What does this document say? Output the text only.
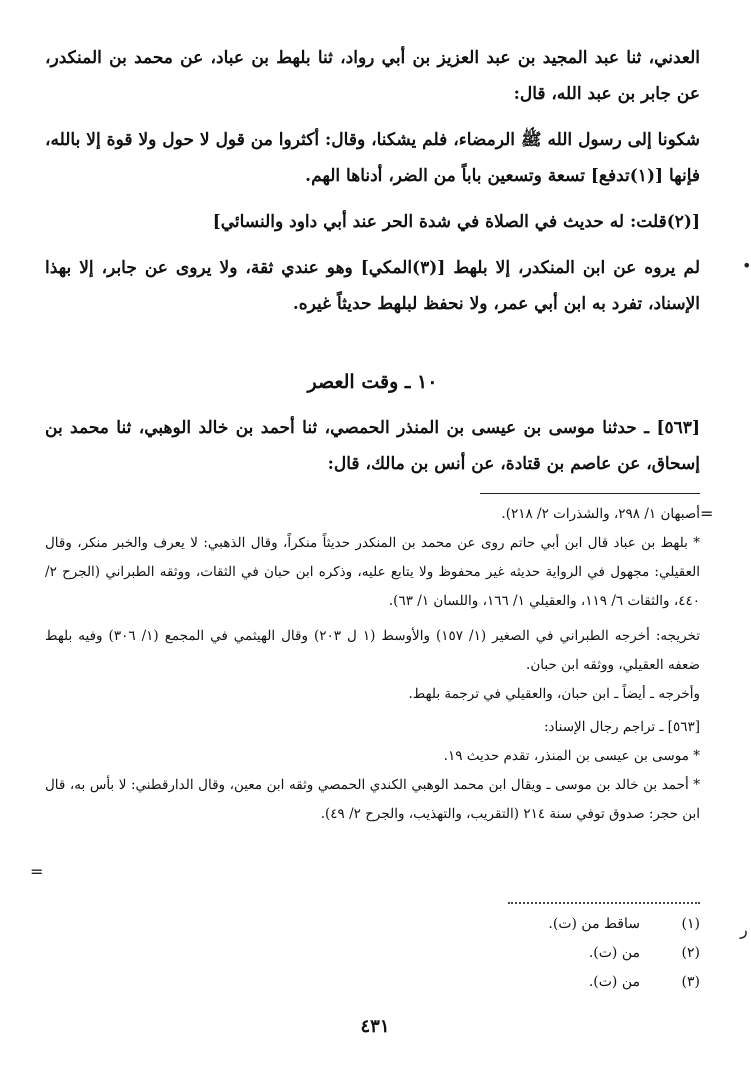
العدني، ثنا عبد المجيد بن عبد العزيز بن أبي رواد، ثنا بلهط بن عباد، عن محمد بن المنكدر، عن جابر بن عبد الله، قال:

شكونا إلى رسول الله ﷺ الرمضاء، فلم يشكنا، وقال: أكثروا من قول لا حول ولا قوة إلا بالله، فإنها [(١)تدفع] تسعة وتسعين باباً من الضر، أدناها الهم.

[(٢)قلت: له حديث في الصلاة في شدة الحر عند أبي داود والنسائي]

لم يروه عن ابن المنكدر، إلا بلهط [(٣)المكي] وهو عندي ثقة، ولا يروى عن جابر، إلا بهذا الإسناد، تفرد به ابن أبي عمر، ولا نحفظ لبلهط حديثاً غيره.

١٠ ـ وقت العصر

[٥٦٣] ـ حدثنا موسى بن عيسى بن المنذر الحمصي، ثنا أحمد بن خالد الوهبي، ثنا محمد بن إسحاق، عن عاصم بن قتادة، عن أنس بن مالك، قال:

أصبهان ١/ ٢٩٨، والشذرات ٢/ ٢١٨).

* بلهط بن عباد قال ابن أبي حاتم روى عن محمد بن المنكدر حديثاً منكراً، وقال الذهبي: لا يعرف والخبر منكر، وقال العقيلي: مجهول في الرواية حديثه غير محفوظ ولا يتابع عليه، وذكره ابن حبان في الثقات، ووثقه الطبراني (الجرح ٢/ ٤٤٠، والثقات ٦/ ١١٩، والعقيلي ١/ ١٦٦، واللسان ١/ ٦٣).

تخريجه: أخرجه الطبراني في الصغير (١/ ١٥٧) والأوسط (١ ل ٢٠٣) وقال الهيثمي في المجمع (١/ ٣٠٦) وفيه بلهط ضعفه العقيلي، ووثقه ابن حبان.

وأخرجه ـ أيضاً ـ ابن حبان، والعقيلي في ترجمة بلهط.

[٥٦٣] ـ تراجم رجال الإسناد:

* موسى بن عيسى بن المنذر، تقدم حديث ١٩.

* أحمد بن خالد بن موسى ـ ويقال ابن محمد الوهبي الكندي الحمصي وثقه ابن معين، وقال الدارقطني: لا بأس به، قال ابن حجر: صدوق توفي سنة ٢١٤ (التقريب، والتهذيب، والجرح ٢/ ٤٩).

(١)
ساقط من (ت).
(٢)
من (ت).
(٣)
من (ت).
٤٣١
=
=
•
ر
